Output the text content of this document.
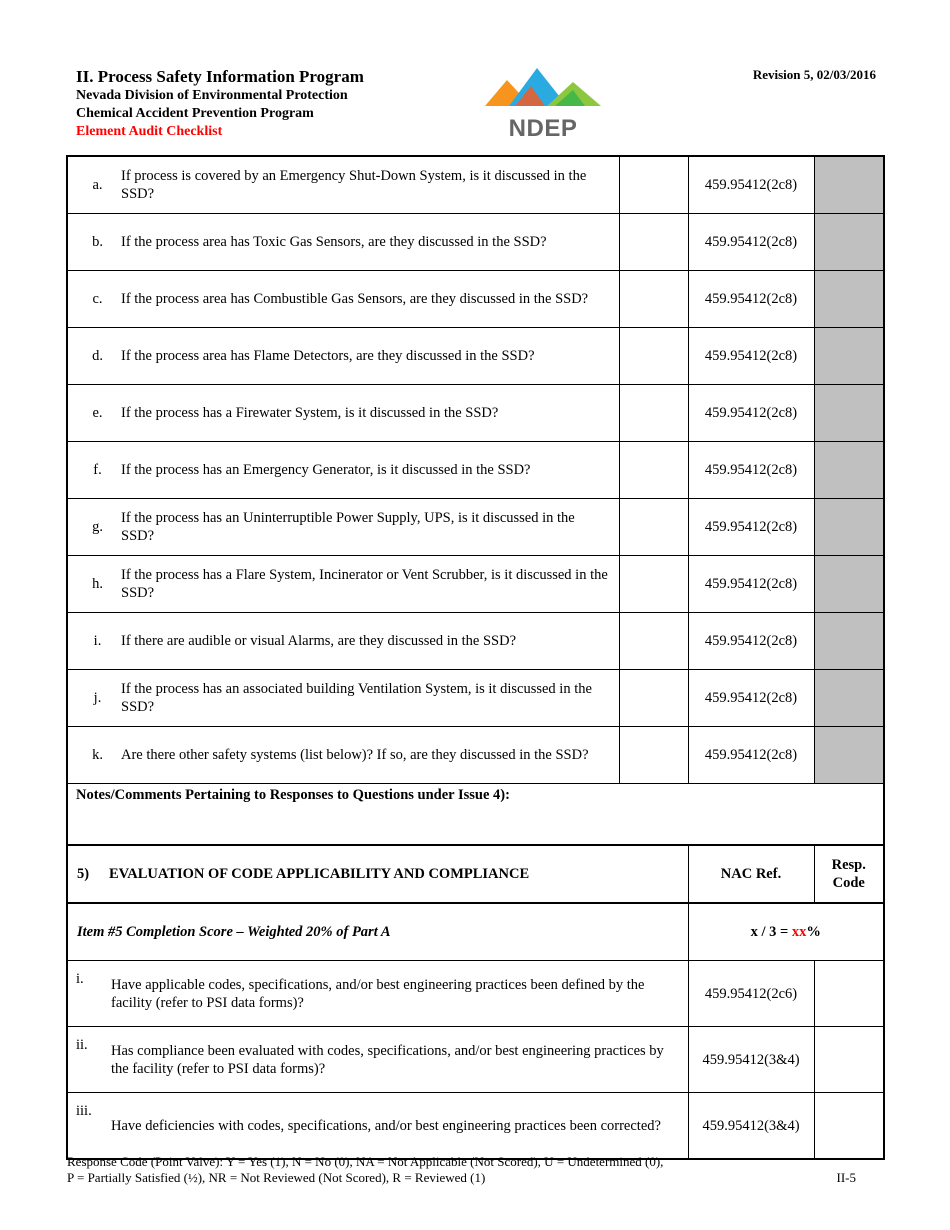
II. Process Safety Information Program
Nevada Division of Environmental Protection
Chemical Accident Prevention Program
Element Audit Checklist	NDEP
Revision 5, 02/03/2016
a.		If process is covered by an Emergency Shut-Down System, is it discussed in the SSD?		459.95412(2c8)	
b.		If the process area has Toxic Gas Sensors, are they discussed in the SSD?		459.95412(2c8)	
c.		If the process area has Combustible Gas Sensors, are they discussed in the SSD?		459.95412(2c8)	
d.		If the process area has Flame Detectors, are they discussed in the SSD?		459.95412(2c8)	
e.		If the process has a Firewater System, is it discussed in the SSD?		459.95412(2c8)	
f.		If the process has an Emergency Generator, is it discussed in the SSD?		459.95412(2c8)	
g.		If the process has an Uninterruptible Power Supply, UPS, is it discussed in the SSD?		459.95412(2c8)	
h.		If the process has a Flare System, Incinerator or Vent Scrubber, is it discussed in the SSD?		459.95412(2c8)	
i.		If there are audible or visual Alarms, are they discussed in the SSD?		459.95412(2c8)	
j.		If the process has an associated building Ventilation System, is it discussed in the SSD?		459.95412(2c8)	
k.		Are there other safety systems (list below)? If so, are they discussed in the SSD?		459.95412(2c8)	
Notes/Comments Pertaining to Responses to Questions under Issue 4):					
5)	EVALUATION OF CODE APPLICABILITY AND COMPLIANCE			NAC Ref.	Resp.
Code

Item #5 Completion Score – Weighted 20% of Part A				x / 3 = xx%	
i.	Have applicable codes, specifications, and/or best engineering practices been defined by the facility (refer to PSI data forms)?			459.95412(2c6)	
ii.	Has compliance been evaluated with codes, specifications, and/or best engineering practices by the facility (refer to PSI data forms)?			459.95412(3&4)	
iii.	Have deficiencies with codes, specifications, and/or best engineering practices been corrected?			459.95412(3&4)	
Response Code (Point Valve): Y = Yes (1), N = No (0), NA = Not Applicable (Not Scored), U = Undetermined (0),
P = Partially Satisfied (½), NR = Not Reviewed (Not Scored), R = Reviewed (1)	II-5
